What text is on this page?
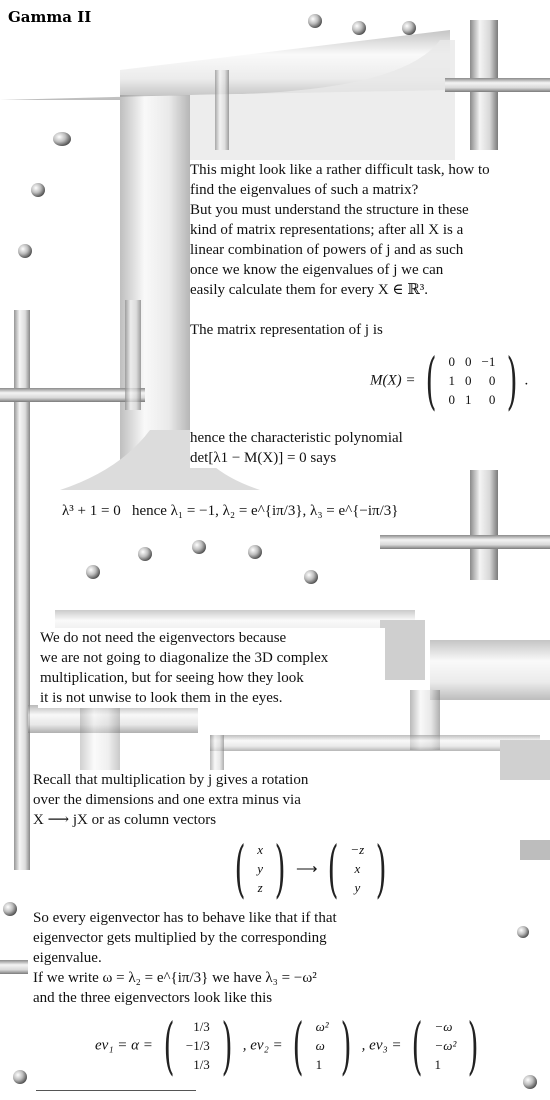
Gamma II

This might look like a rather difficult task, how to

find the eigenvalues of such a matrix?

But you must understand the structure in these

kind of matrix representations; after all X is a

linear combination of powers of j and as such

once we know the eigenvalues of j we can

easily calculate them for every X ∈ ℝ³.

The matrix representation of j is

M(X) = ( 0	0	−1
1	0	0
0	1	0 ) .

hence the characteristic polynomial

det[λ1 − M(X)] = 0 says

λ³ + 1 = 0   hence λ₁ = −1, λ₂ = e^{iπ/3}, λ₃ = e^{−iπ/3}

We do not need the eigenvectors because

we are not going to diagonalize the 3D complex

multiplication, but for seeing how they look

it is not unwise to look them in the eyes.

Recall that multiplication by j gives a rotation

over the dimensions and one extra minus via

X ⟶ jX or as column vectors

( x
y
z ) ⟶ ( −z
x
y )

So every eigenvector has to behave like that if that

eigenvector gets multiplied by the corresponding

eigenvalue.

If we write ω = λ₂ = e^{iπ/3} we have λ₃ = −ω²

and the three eigenvectors look like this

ev₁ = α = ( 1/3
−1/3
1/3 ) , ev₂ = ( ω²
ω
1 ) , ev₃ = ( −ω
−ω²
1 )
